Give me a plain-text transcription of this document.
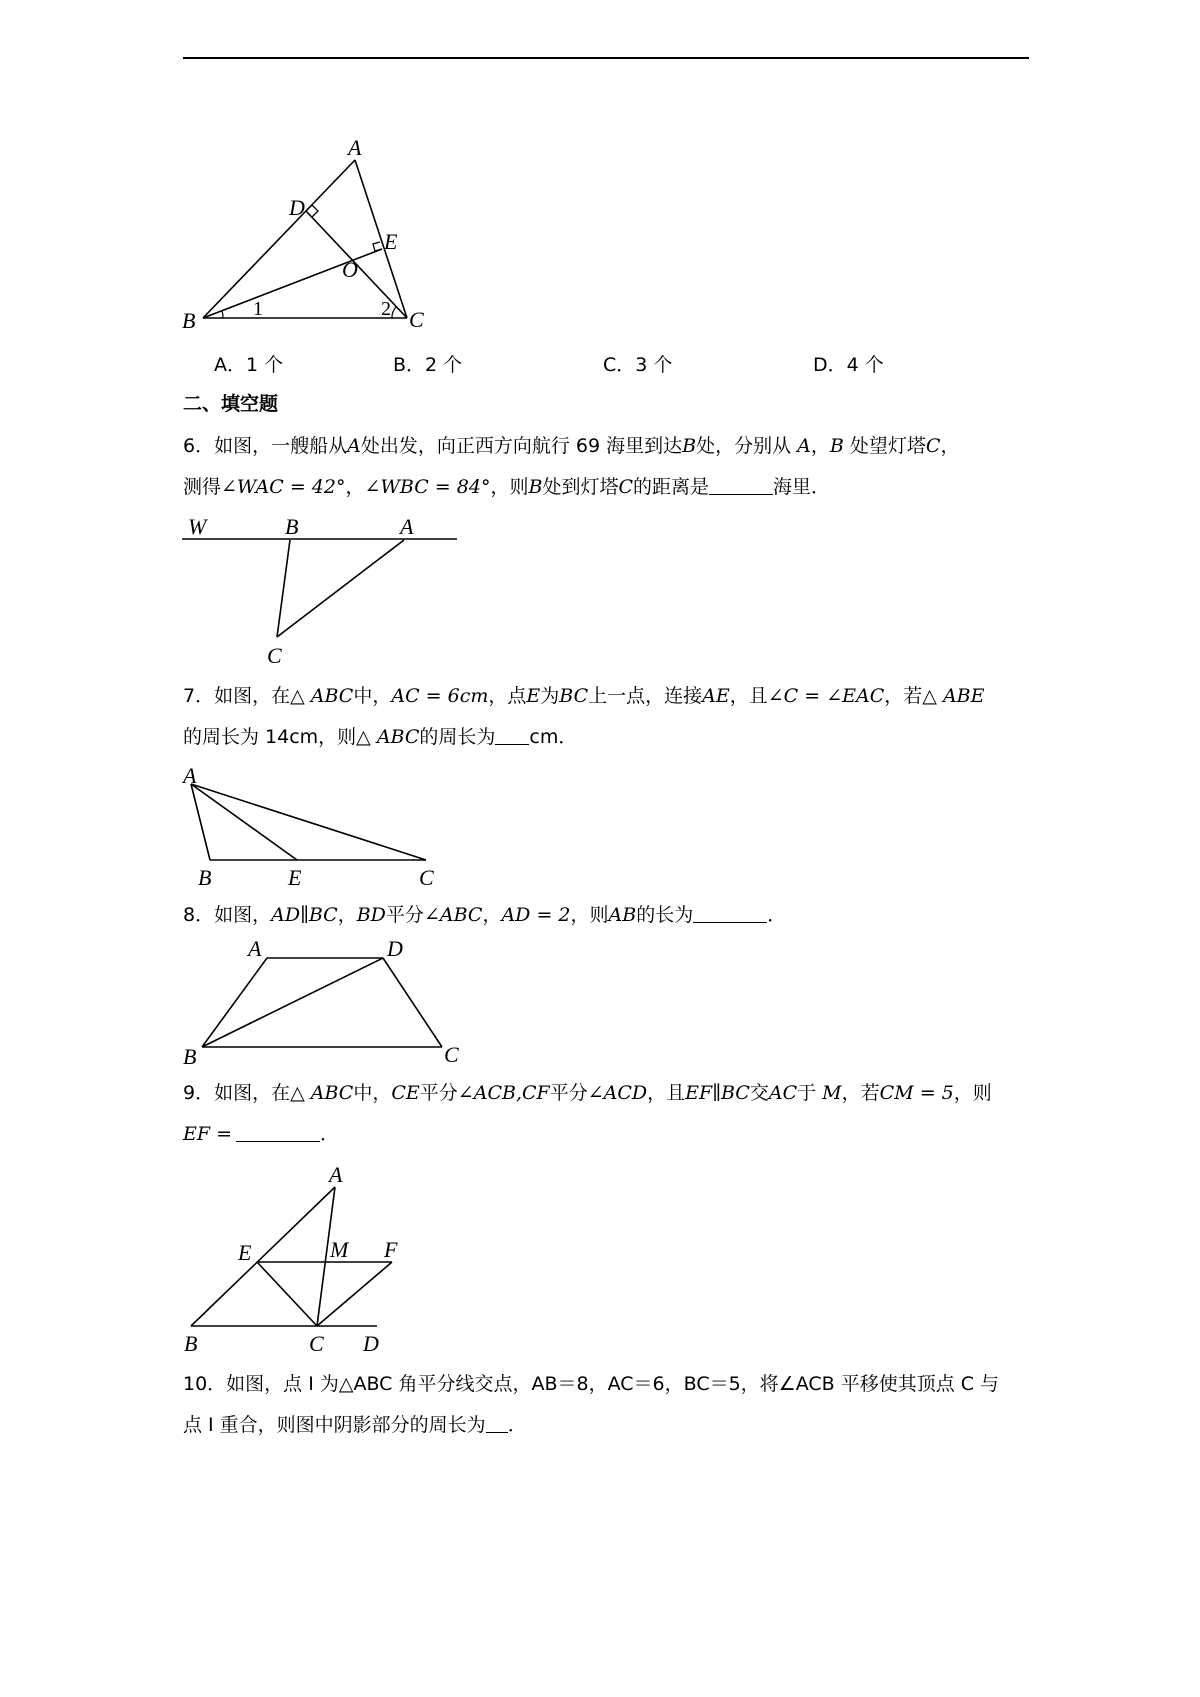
A
D
E
O
B	C
1	2
A．1 个	B．2 个	C．3 个	D．4 个
二、填空题
6．如图，一艘船从A处出发，向正西方向航行 69 海里到达B处，分别从 A，B 处望灯塔C，
测得∠WAC = 42°，∠WBC = 84°，则B处到灯塔C的距离是	海里．
W	B	A
C
7．如图，在△ ABC中，AC = 6cm，点E为BC上一点，连接AE，且∠C = ∠EAC，若△ ABE
的周长为 14cm，则△ ABC的周长为 cm．
A
B	E	C
8．如图，AD∥BC，BD平分∠ABC，AD = 2，则AB的长为	．
A	D
B	C
9．如图，在△ ABC中，CE平分∠ACB,CF平分∠ACD，且EF∥BC交AC于 M，若CM = 5，则
EF =	．
A
E	M F
B	C D
10．如图，点 I 为△ABC 角平分线交点，AB＝8，AC＝6，BC＝5，将∠ACB 平移使其顶点 C 与
点 I 重合，则图中阴影部分的周长为 ．
